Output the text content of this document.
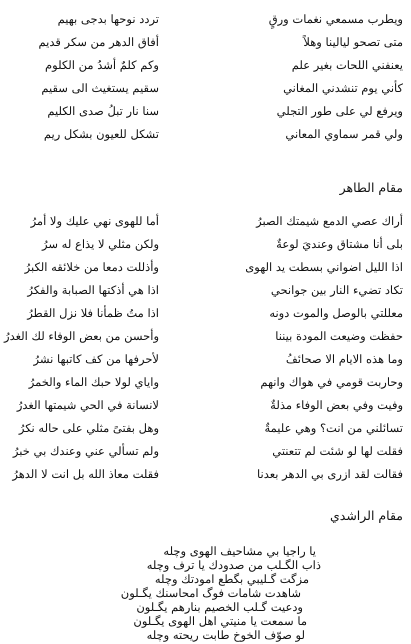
ويطرب مسمعي نغمات ورقٍ
تردد نوحها بدجى بهيم
متى تصحو ليالينا وهلاً
أفاق الدهر من سكر قديم
يعنفني اللحات بغير علم
وكم كلمٌ أشدُ من الكلوم
كأني يوم تنشدني المغاني
سقيم يستغيث الى سقيم
ويرفع لي على طور التجلي
سنا نار تبلُ صدى الكليم
ولي قمر سماوي المعاني
تشكل للعيون بشكل ريم
مقام الطاهر
أراك عصي الدمع شيمتك الصبرُ
أما للهوى نهي عليك ولا أمرُ
بلى أنا مشتاق وعنديَ لوعةٌ
ولكن مثلي لا يذاع له سرُ
اذا الليل اضواني بسطت يد الهوى
وأذللت دمعا من خلائقه الكبرُ
تكاد تضيء النار بين جوانحي
اذا هي أذكتها الصبابة والفكرُ
معللتي بالوصل والموت دونه
اذا متُ ظمأنا فلا نزل القطرُ
حفظت وضيعت المودة بيننا
وأحسن من بعض الوفاء لك الغدرُ
وما هذه الايام الا صحائفُ
لأحرفها من كف كاتبها نشرُ
وحاربت قومي في هواك وانهم
واياي لولا حبك الماء والخمرُ
وفيت وفي بعض الوفاء مذلةٌ
لانسانة في الحي شيمتها الغدرُ
تسائلني من انت؟ وهي عليمةٌ
وهل بفتىً مثلي على حاله نكرُ
فقلت لها لو شئت لم تتعنتي
ولم تسألي عني وعندك بي خبرُ
فقالت لقد ازرى بي الدهر بعدنا
فقلت معاذ الله بل انت لا الدهرُ
مقام الراشدي
يا راجيا بي مشاحيف الهوى وچله
ذاب الگـلب من صدودك يا ترف وچله
مزگت گـليبي بگطع امودتك وچله
شاهدت شامات فوگ امحاسنك يگـلون
ودعيت گـلب الخصيم بنارهم يگـلون
ما سمعت يا منيتي اهل الهوى يگـلون
لو صوّف الخوخ طابت ريحته وچله
